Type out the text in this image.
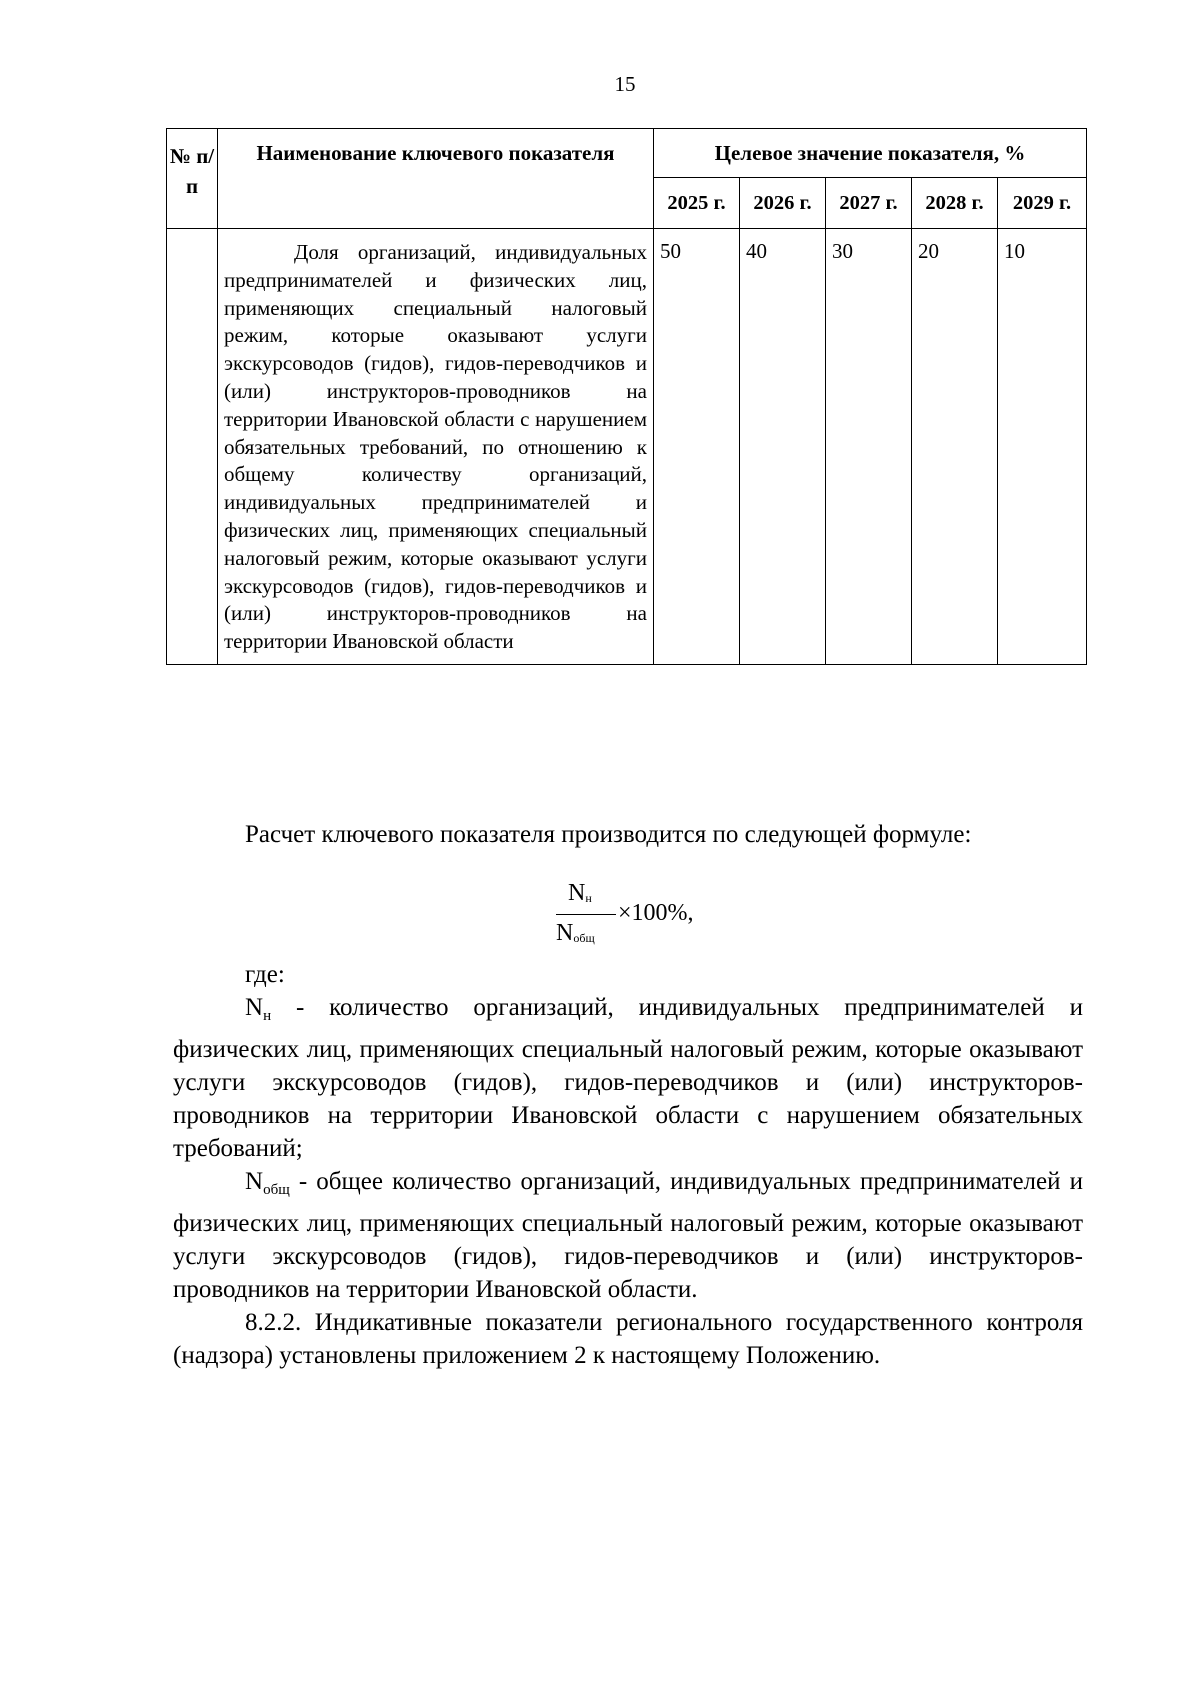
15
№ п/п	Наименование ключевого показателя	Целевое значение показателя, %				
		2025 г.	2026 г.	2027 г.	2028 г.	2029 г.
	Доля организаций, индивидуальных предпринимателей и физических лиц, применяющих специальный налоговый режим, которые оказывают услуги экскурсоводов (гидов), гидов-переводчиков и (или) инструкторов-проводников на территории Ивановской области с нарушением обязательных требований, по отношению к общему количеству организаций, индивидуальных предпринимателей и физических лиц, применяющих специальный налоговый режим, которые оказывают услуги экскурсоводов (гидов), гидов-переводчиков и (или) инструкторов-проводников на территории Ивановской области	50	40	30	20	10

Расчет ключевого показателя производится по следующей формуле:

Nн
Nобщ
×100%,

где:

$N_н$ - количество организаций, индивидуальных предпринимателей и физических лиц, применяющих специальный налоговый режим, которые оказывают услуги экскурсоводов (гидов), гидов-переводчиков и (или) инструкторов-проводников на территории Ивановской области с нарушением обязательных требований;

$N_{общ}$ - общее количество организаций, индивидуальных предпринимателей и физических лиц, применяющих специальный налоговый режим, которые оказывают услуги экскурсоводов (гидов), гидов-переводчиков и (или) инструкторов-проводников на территории Ивановской области.

8.2.2. Индикативные показатели регионального государственного контроля (надзора) установлены приложением 2 к настоящему Положению.
